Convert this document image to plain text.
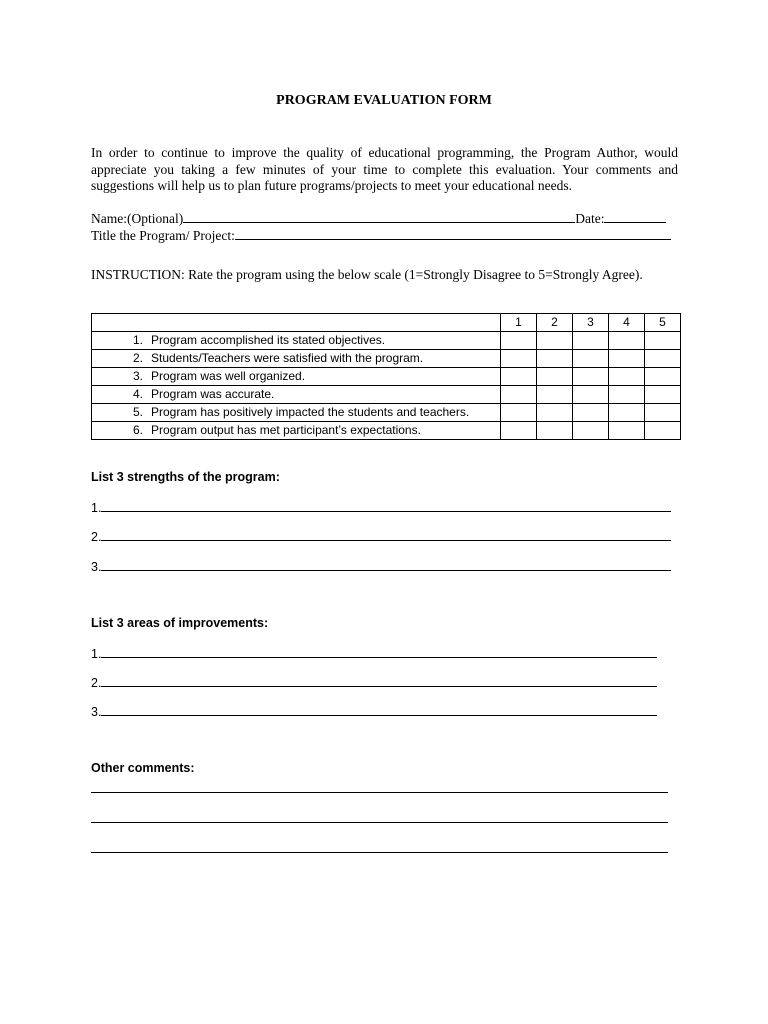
PROGRAM EVALUATION FORM
In order to continue to improve the quality of educational programming, the Program Author, would appreciate you taking a few minutes of your time to complete this evaluation. Your comments and suggestions will help us to plan future programs/projects to meet your educational needs.
Name:(Optional)	Date:
Title the Program/ Project:
INSTRUCTION: Rate the program using the below scale (1=Strongly Disagree to 5=Strongly Agree).
	1	2	3	4	5

1. Program accomplished its stated objectives.					

2. Students/Teachers were satisfied with the program.					

3. Program was well organized.					

4. Program was accurate.					

5. Program has positively impacted the students and teachers.					

6. Program output has met participant’s expectations.					

List 3 strengths of the program:
1.
2.
3.
List 3 areas of improvements:
1.
2.
3.
Other comments:
